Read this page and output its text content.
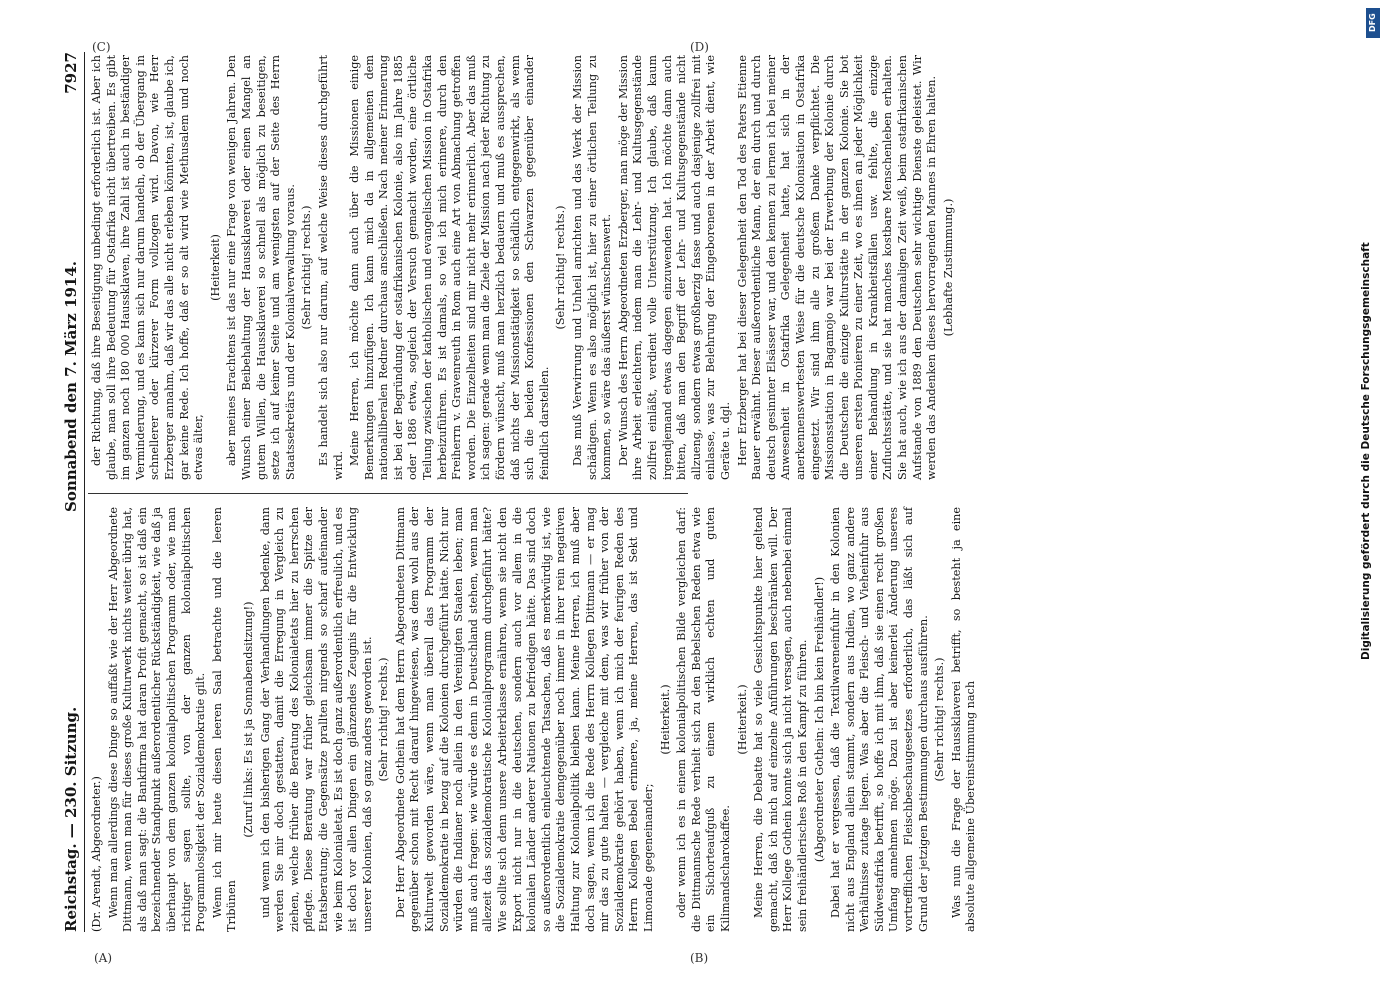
Reichstag. — 230. Sitzung.
Sonnabend den 7. März 1914.
7927

(Dr. Arendt, Abgeordneter.) Wenn man allerdings diese Dinge so auffaßt wie der Herr Abgeordnete Dittmann, wenn man für dieses große Kulturwerk nichts weiter übrig hat, als daß man sagt: die Bankfirma hat daran Profit gemacht, so ist daß ein bezeichnender Standpunkt außerordentlicher Rückständigkeit, wie daß ja überhaupt von dem ganzen kolonialpolitischen Programm oder, wie man richtiger sagen sollte, von der ganzen kolonialpolitischen Programmlosigkeit der Sozialdemokratie gilt. Wenn ich mir heute diesen leeren Saal betrachte und die leeren Tribünen

(Zuruf links: Es ist ja Sonnabendsitzung!) und wenn ich den bisherigen Gang der Verhandlungen bedenke, dann werden Sie mir doch gestatten, damit die Erregung in Vergleich zu ziehen, welche früher die Beratung des Kolonialetats hier zu herrschen pflegte. Diese Beratung war früher gleichsam immer die Spitze der Etatsberatung; die Gegensätze prallten nirgends so scharf aufeinander wie beim Kolonialetat. Es ist doch ganz außerordentlich erfreulich, und es ist doch vor allen Dingen ein glänzendes Zeugnis für die Entwicklung unserer Kolonien, daß so ganz anders geworden ist. (Sehr richtig! rechts.) Der Herr Abgeordnete Gothein hat dem Herrn Abgeordneten Dittmann gegenüber schon mit Recht darauf hingewiesen, was dem wohl aus der Kulturwelt geworden wäre, wenn man überall das Programm der Sozialdemokratie in bezug auf die Kolonien durchgeführt hätte. Nicht nur würden die Indianer noch allein in den Vereinigten Staaten leben; man muß auch fragen: wie würde es denn in Deutschland stehen, wenn man allezeit das sozialdemokratische Kolonialprogramm durchgeführt hätte? Wie sollte sich denn unsere Arbeiterklasse ernähren, wenn sie nicht den Export nicht nur in die deutschen, sondern auch vor allem in die kolonialen Länder anderer Nationen zu befriedigen hätte. Das sind doch so außerordentlich einleuchtende Tatsachen, daß es merkwürdig ist, wie die Sozialdemokratie demgegenüber noch immer in ihrer rein negativen Haltung zur Kolonialpolitik bleiben kann. Meine Herren, ich muß aber doch sagen, wenn ich die Rede des Herrn Kollegen Dittmann — er mag mir das zu gute halten — vergleiche mit dem, was wir früher von der Sozialdemokratie gehört haben, wenn ich mich der feurigen Reden des Herrn Kollegen Bebel erinnere, ja, meine Herren, das ist Sekt und Limonade gegeneinander;

(Heiterkeit.) oder wenn ich es in einem kolonialpolitischen Bilde vergleichen darf: die Dittmannsche Rede verhielt sich zu den Bebelschen Reden etwa wie ein Sichorteaufguß zu einem wirklich echten und guten Kilimandscharokaffee.

(Heiterkeit.) Meine Herren, die Debatte hat so viele Gesichtspunkte hier geltend gemacht, daß ich mich auf einzelne Anführungen beschränken will. Der Herr Kollege Gothein konnte sich ja nicht versagen, auch nebenbei einmal sein freihändlerisches Roß in den Kampf zu führen. (Abgeordneter Gothein: Ich bin kein Freihändler!) Dabei hat er vergessen, daß die Textilwareneinfuhr in den Kolonien nicht aus England allein stammt, sondern aus Indien, wo ganz andere Verhältnisse zutage liegen. Was aber die Fleisch- und Vieheinfuhr aus Südwestafrika betrifft, so hoffe ich mit ihm, daß sie einen recht großen Umfang annehmen möge. Dazu ist aber keinerlei Änderung unseres vortrefflichen Fleischbeschaugesetzes erforderlich, das läßt sich auf Grund der jetzigen Bestimmungen durchaus ausführen. (Sehr richtig! rechts.) Was nun die Frage der Haussklaverei betrifft, so besteht ja eine absolute allgemeine Übereinstimmung nach

der Richtung, daß ihre Beseitigung unbedingt erforderlich ist. Aber ich glaube, man soll ihre Bedeutung für Ostafrika nicht übertreiben. Es gibt im ganzen noch 180 000 Haussklaven, ihre Zahl ist auch in beständiger Verminderung, und es kann sich nur darum handeln, ob der Übergang in schnellerer oder kürzerer Form vollzogen wird. Davon, wie Herr Erzberger annahm, daß wir das alle nicht erleben könnten, ist, glaube ich, gar keine Rede. Ich hoffe, daß er so alt wird wie Methusalem und noch etwas älter,

(Heiterkeit) aber meines Erachtens ist das nur eine Frage von wenigen Jahren. Den Wunsch einer Beibehaltung der Haussklaverei oder einen Mangel an gutem Willen, die Haussklaverei so schnell als möglich zu beseitigen, setze ich auf keiner Seite und am wenigsten auf der Seite des Herrn Staatssekretärs und der Kolonialverwaltung voraus. (Sehr richtig! rechts.) Es handelt sich also nur darum, auf welche Weise dieses durchgeführt wird. Meine Herren, ich möchte dann auch über die Missionen einige Bemerkungen hinzufügen. Ich kann mich da in allgemeinen dem nationalliberalen Redner durchaus anschließen. Nach meiner Erinnerung ist bei der Begründung der ostafrikanischen Kolonie, also im Jahre 1885 oder 1886 etwa, sogleich der Versuch gemacht worden, eine örtliche Teilung zwischen der katholischen und evangelischen Mission in Ostafrika herbeizuführen. Es ist damals, so viel ich mich erinnere, durch den Freiherrn v. Gravenreuth in Rom auch eine Art von Abmachung getroffen worden. Die Einzelheiten sind mir nicht mehr erinnerlich. Aber das muß ich sagen: gerade wenn man die Ziele der Mission nach jeder Richtung zu fördern wünscht, muß man herzlich bedauern und muß es aussprechen, daß nichts der Missionstätigkeit so schädlich entgegenwirkt, als wenn sich die beiden Konfessionen den Schwarzen gegenüber einander feindlich darstellen.

(Sehr richtig! rechts.) Das muß Verwirrung und Unheil anrichten und das Werk der Mission schädigen. Wenn es also möglich ist, hier zu einer örtlichen Teilung zu kommen, so wäre das äußerst wünschenswert. Der Wunsch des Herrn Abgeordneten Erzberger, man möge der Mission ihre Arbeit erleichtern, indem man die Lehr- und Kultusgegenstände zollfrei einläßt, verdient volle Unterstützung. Ich glaube, daß kaum irgendjemand etwas dagegen einzuwenden hat. Ich möchte dann auch bitten, daß man den Begriff der Lehr- und Kultusgegenstände nicht allzueng, sondern etwas großherzig fasse und auch dasjenige zollfrei mit einlasse, was zur Belehrung der Eingeborenen in der Arbeit dient, wie Geräte u. dgl. Herr Erzberger hat bei dieser Gelegenheit den Tod des Paters Etienne Bauer erwähnt. Dieser außerordentliche Mann, der ein durch und durch deutsch gesinnter Elsässer war, und den kennen zu lernen ich bei meiner Anwesenheit in Ostafrika Gelegenheit hatte, hat sich in der anerkennenswertesten Weise für die deutsche Kolonisation in Ostafrika eingesetzt. Wir sind ihm alle zu großem Danke verpflichtet. Die Missionsstation in Bagamojo war bei der Erwerbung der Kolonie durch die Deutschen die einzige Kulturstätte in der ganzen Kolonie. Sie bot unseren ersten Pionieren zu einer Zeit, wo es ihnen an jeder Möglichkeit einer Behandlung in Krankheitsfällen usw. fehlte, die einzige Zufluchtsstätte, und sie hat manches kostbare Menschenleben erhalten. Sie hat auch, wie ich aus der damaligen Zeit weiß, beim ostafrikanischen Aufstande von 1889 den Deutschen sehr wichtige Dienste geleistet. Wir werden das Andenken dieses hervorragenden Mannes in Ehren halten. (Lebhafte Zustimmung.)

(A)	(B)
(C)	(D)
DFG
Digitalisierung gefördert durch die Deutsche Forschungsgemeinschaft
